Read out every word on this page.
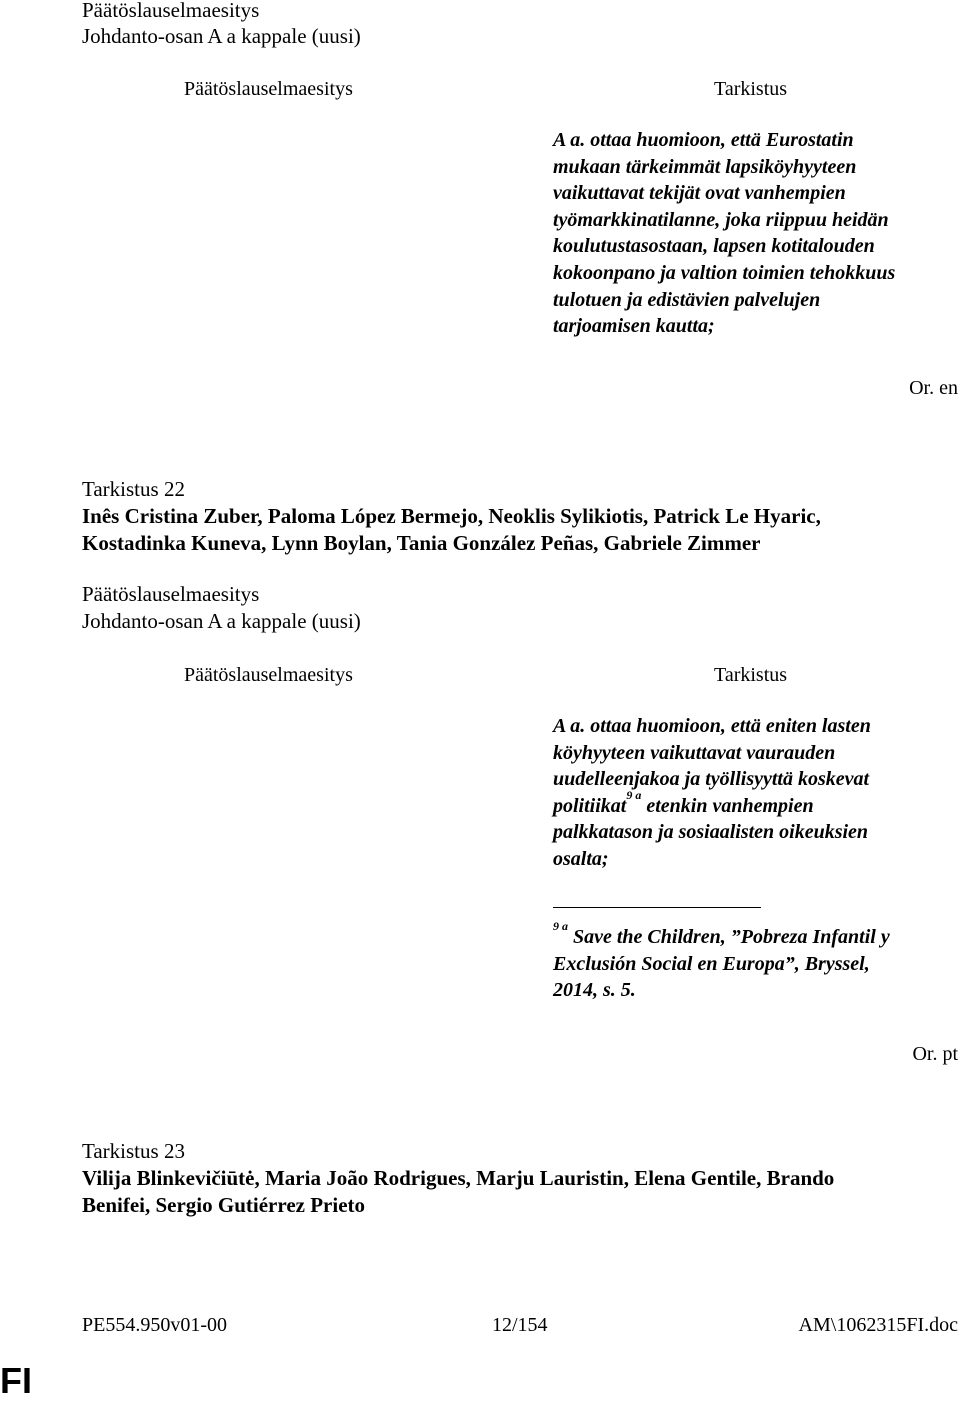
Päätöslauselmaesitys
Johdanto-osan A a kappale (uusi)
Päätöslauselmaesitys	Tarkistus
A a. ottaa huomioon, että Eurostatin
mukaan tärkeimmät lapsiköyhyyteen
vaikuttavat tekijät ovat vanhempien
työmarkkinatilanne, joka riippuu heidän
koulutustasostaan, lapsen kotitalouden
kokoonpano ja valtion toimien tehokkuus
tulotuen ja edistävien palvelujen
tarjoamisen kautta;
Or. en
Tarkistus 22
Inês Cristina Zuber, Paloma López Bermejo, Neoklis Sylikiotis, Patrick Le Hyaric,
Kostadinka Kuneva, Lynn Boylan, Tania González Peñas, Gabriele Zimmer
Päätöslauselmaesitys
Johdanto-osan A a kappale (uusi)
Päätöslauselmaesitys	Tarkistus
A a. ottaa huomioon, että eniten lasten
köyhyyteen vaikuttavat vaurauden
uudelleenjakoa ja työllisyyttä koskevat
politiikat$^{9 a}$ etenkin vanhempien
palkkatason ja sosiaalisten oikeuksien
osalta;
$^{9 a}$ Save the Children, ”Pobreza Infantil y
Exclusión Social en Europa”, Bryssel,
2014, s. 5.
Or. pt
Tarkistus 23
Vilija Blinkevičiūtė, Maria João Rodrigues, Marju Lauristin, Elena Gentile, Brando
Benifei, Sergio Gutiérrez Prieto
PE554.950v01-00	12/154	AM\1062315FI.doc
FI
